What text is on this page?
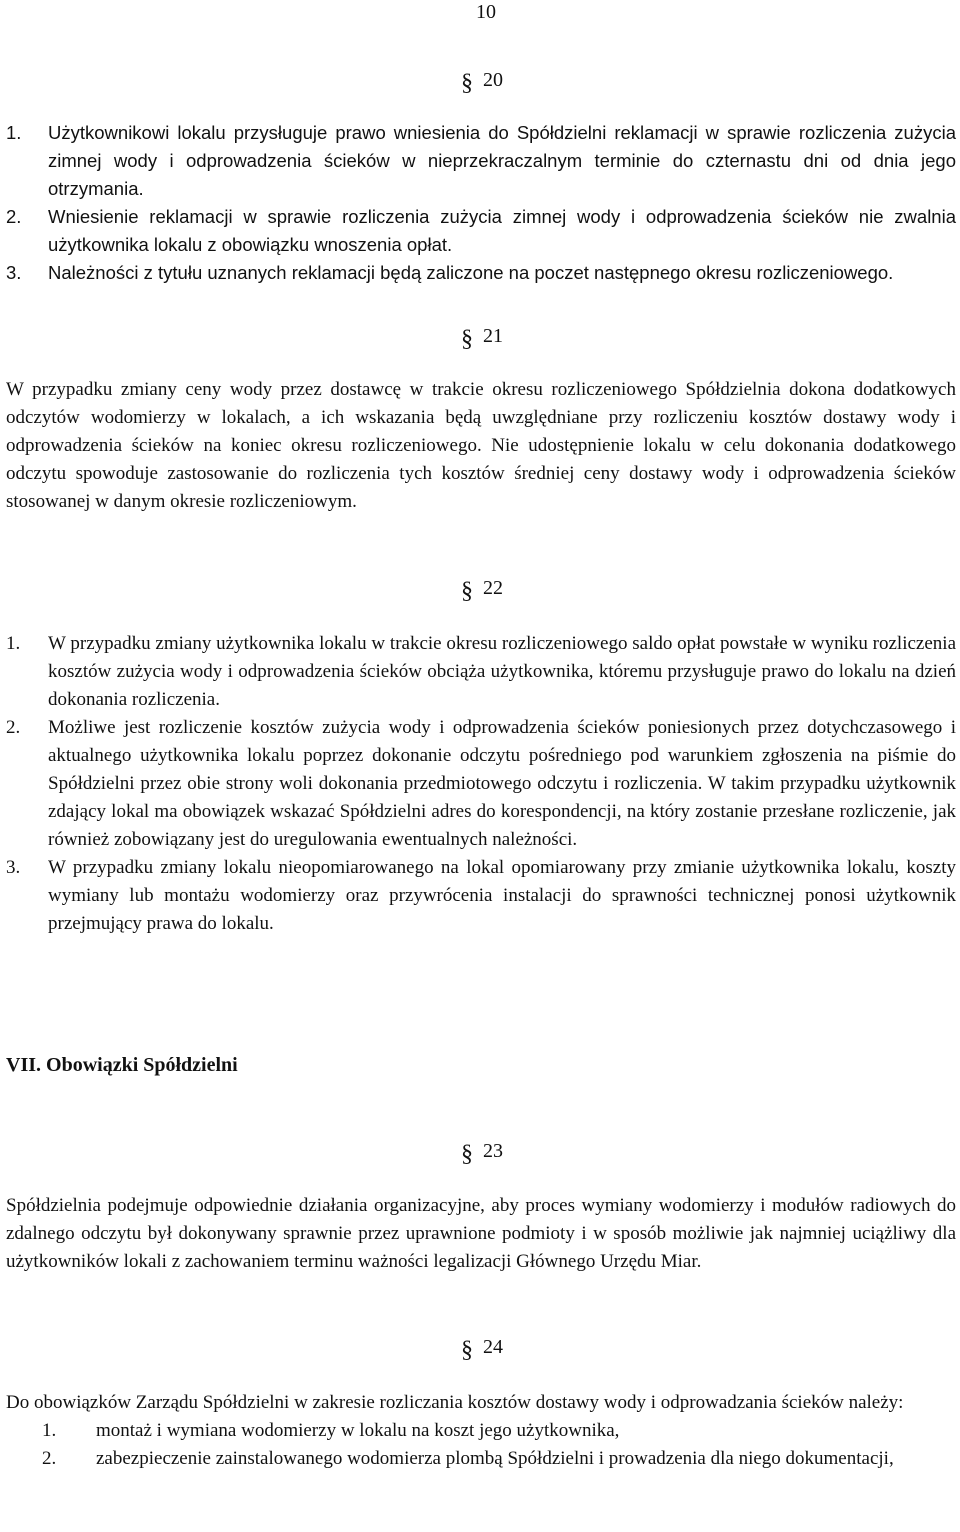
10
§ 20
1.	Użytkownikowi lokalu przysługuje prawo wniesienia do Spółdzielni reklamacji w sprawie rozliczenia zużycia zimnej wody i odprowadzenia ścieków w nieprzekraczalnym terminie do czternastu dni od dnia jego otrzymania.
2.	Wniesienie reklamacji w sprawie rozliczenia zużycia zimnej wody i odprowadzenia ścieków nie zwalnia użytkownika lokalu z obowiązku wnoszenia opłat.
3.	Należności z tytułu uznanych reklamacji będą zaliczone na poczet następnego okresu rozliczeniowego.
§ 21

W przypadku zmiany ceny wody przez dostawcę w trakcie okresu rozliczeniowego Spółdzielnia dokona dodatkowych odczytów wodomierzy w lokalach, a ich wskazania będą uwzględniane przy rozliczeniu kosztów dostawy wody i odprowadzenia ścieków na koniec okresu rozliczeniowego. Nie udostępnienie lokalu w celu dokonania dodatkowego odczytu spowoduje zastosowanie do rozliczenia tych kosztów średniej ceny dostawy wody i odprowadzenia ścieków stosowanej w danym okresie rozliczeniowym.

§ 22
1.	W przypadku zmiany użytkownika lokalu w trakcie okresu rozliczeniowego saldo opłat powstałe w wyniku rozliczenia kosztów zużycia wody i odprowadzenia ścieków obciąża użytkownika, któremu przysługuje prawo do lokalu na dzień dokonania rozliczenia.
2.	Możliwe jest rozliczenie kosztów zużycia wody i odprowadzenia ścieków poniesionych przez dotychczasowego i aktualnego użytkownika lokalu poprzez dokonanie odczytu pośredniego pod warunkiem zgłoszenia na piśmie do Spółdzielni przez obie strony woli dokonania przedmiotowego odczytu i rozliczenia. W takim przypadku użytkownik zdający lokal ma obowiązek wskazać Spółdzielni adres do korespondencji, na który zostanie przesłane rozliczenie, jak również zobowiązany jest do uregulowania ewentualnych należności.
3.	W przypadku zmiany lokalu nieopomiarowanego na lokal opomiarowany przy zmianie użytkownika lokalu, koszty wymiany lub montażu wodomierzy oraz przywrócenia instalacji do sprawności technicznej ponosi użytkownik przejmujący prawa do lokalu.
VII. Obowiązki Spółdzielni
§ 23

Spółdzielnia podejmuje odpowiednie działania organizacyjne, aby proces wymiany wodomierzy i modułów radiowych do zdalnego odczytu był dokonywany sprawnie przez uprawnione podmioty i w sposób możliwie jak najmniej uciążliwy dla użytkowników lokali z zachowaniem terminu ważności legalizacji Głównego Urzędu Miar.

§ 24

Do obowiązków Zarządu Spółdzielni w zakresie rozliczania kosztów dostawy wody i odprowadzania ścieków należy:

1.	montaż i wymiana wodomierzy w lokalu na koszt jego użytkownika,
2.	zabezpieczenie zainstalowanego wodomierza plombą Spółdzielni i prowadzenia dla niego dokumentacji,
